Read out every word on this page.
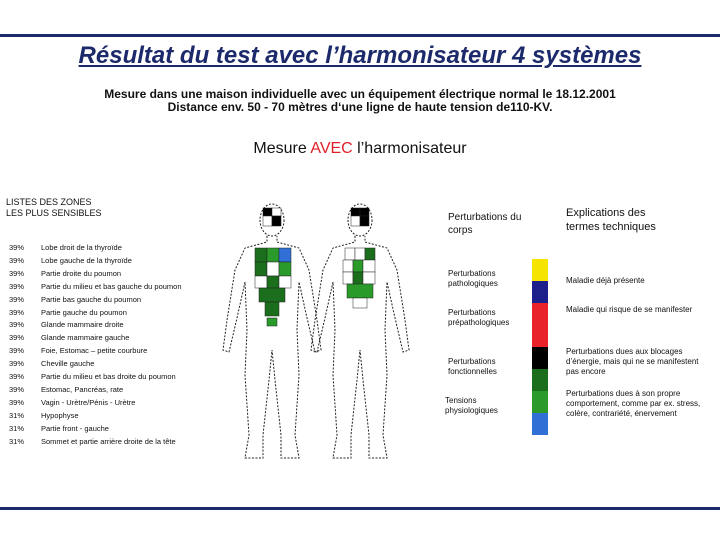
Résultat du test avec l’harmonisateur 4 systèmes
Mesure dans une maison individuelle avec un équipement électrique normal le 18.12.2001
Distance env. 50 - 70 mètres d‘une ligne de haute tension de110-KV.
Mesure AVEC l’harmonisateur
LISTES DES ZONES
LES PLUS SENSIBLES
39% Lobe droit de la thyroïde
39% Lobe gauche de la thyroïde
39% Partie droite du poumon
39% Partie du milieu et bas gauche du poumon
39% Partie bas gauche du poumon
39% Partie gauche du poumon
39% Glande mammaire droite
39% Glande mammaire gauche
39% Foie, Estomac – petite courbure
39% Cheville gauche
39% Partie du milieu et bas droite du poumon
39% Estomac, Pancréas, rate
39% Vagin - Urètre/Pénis - Urètre
31% Hypophyse
31% Partie front - gauche
31% Sommet et partie arrière droite de la tête
Perturbations du corps
Explications des termes techniques
Perturbations pathologiques
Perturbations prépathologiques
Perturbations fonctionnelles
Tensions physiologiques
Maladie déjà présente
Maladie qui risque de se manifester
Perturbations dues aux blocages d’énergie, mais qui ne se manifestent pas encore
Perturbations dues à son propre comportement, comme par ex. stress, colère, contrariété, énervement
